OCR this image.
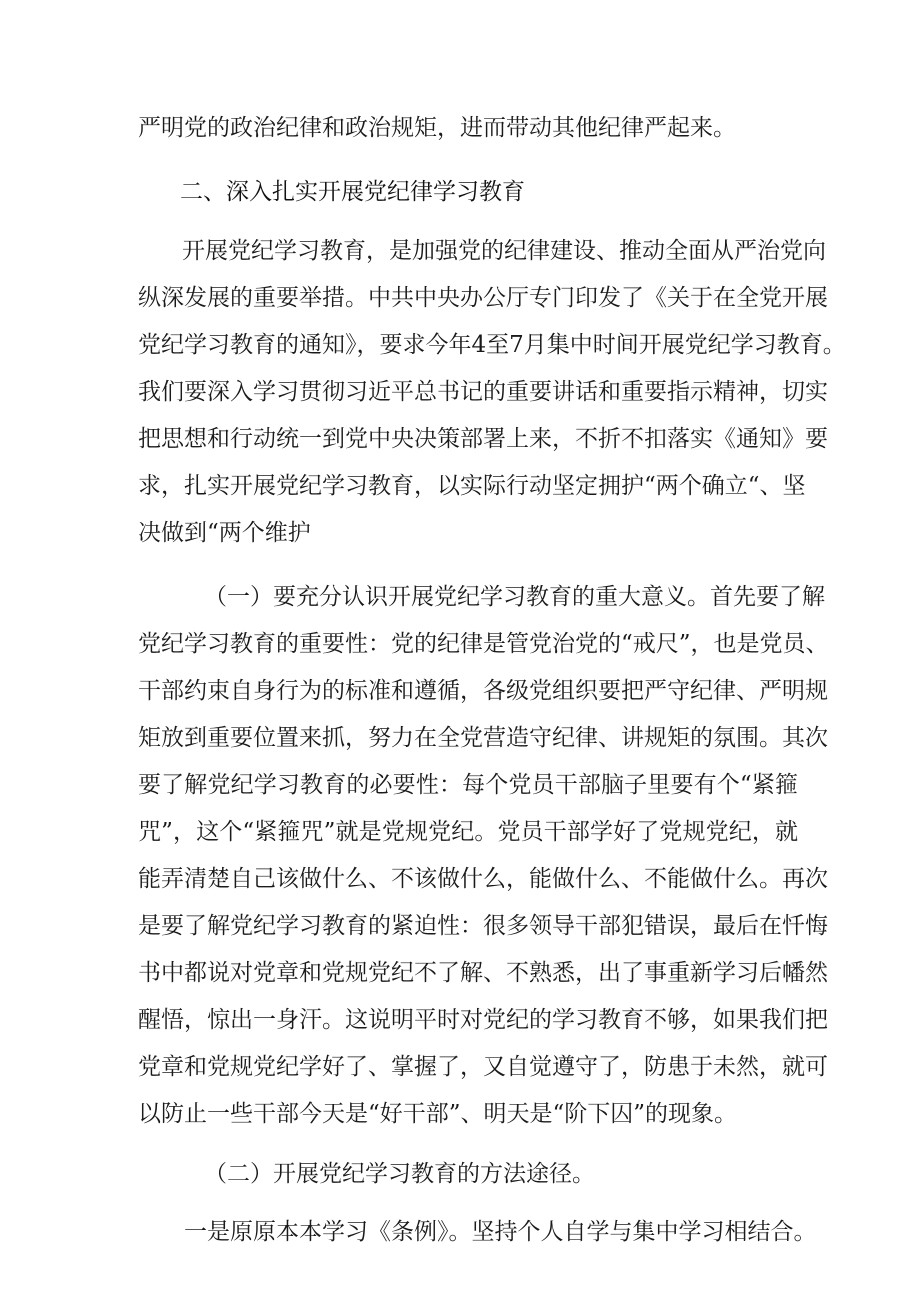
严明党的政治纪律和政治规矩，进而带动其他纪律严起来。
二、深入扎实开展党纪律学习教育
开展党纪学习教育，是加强党的纪律建设、推动全面从严治党向
纵深发展的重要举措。中共中央办公厅专门印发了《关于在全党开展
党纪学习教育的通知》，要求今年4至7月集中时间开展党纪学习教育。
我们要深入学习贯彻习近平总书记的重要讲话和重要指示精神，切实
把思想和行动统一到党中央决策部署上来，不折不扣落实《通知》要
求，扎实开展党纪学习教育，以实际行动坚定拥护“两个确立“、坚
决做到“两个维护
（一）要充分认识开展党纪学习教育的重大意义。首先要了解
党纪学习教育的重要性：党的纪律是管党治党的“戒尺”，也是党员、
干部约束自身行为的标准和遵循，各级党组织要把严守纪律、严明规
矩放到重要位置来抓，努力在全党营造守纪律、讲规矩的氛围。其次
要了解党纪学习教育的必要性：每个党员干部脑子里要有个“紧箍
咒”，这个“紧箍咒”就是党规党纪。党员干部学好了党规党纪，就
能弄清楚自己该做什么、不该做什么，能做什么、不能做什么。再次
是要了解党纪学习教育的紧迫性：很多领导干部犯错误，最后在忏悔
书中都说对党章和党规党纪不了解、不熟悉，出了事重新学习后幡然
醒悟，惊出一身汗。这说明平时对党纪的学习教育不够，如果我们把
党章和党规党纪学好了、掌握了，又自觉遵守了，防患于未然，就可
以防止一些干部今天是“好干部”、明天是“阶下囚”的现象。
（二）开展党纪学习教育的方法途径。
一是原原本本学习《条例》。坚持个人自学与集中学习相结合。
